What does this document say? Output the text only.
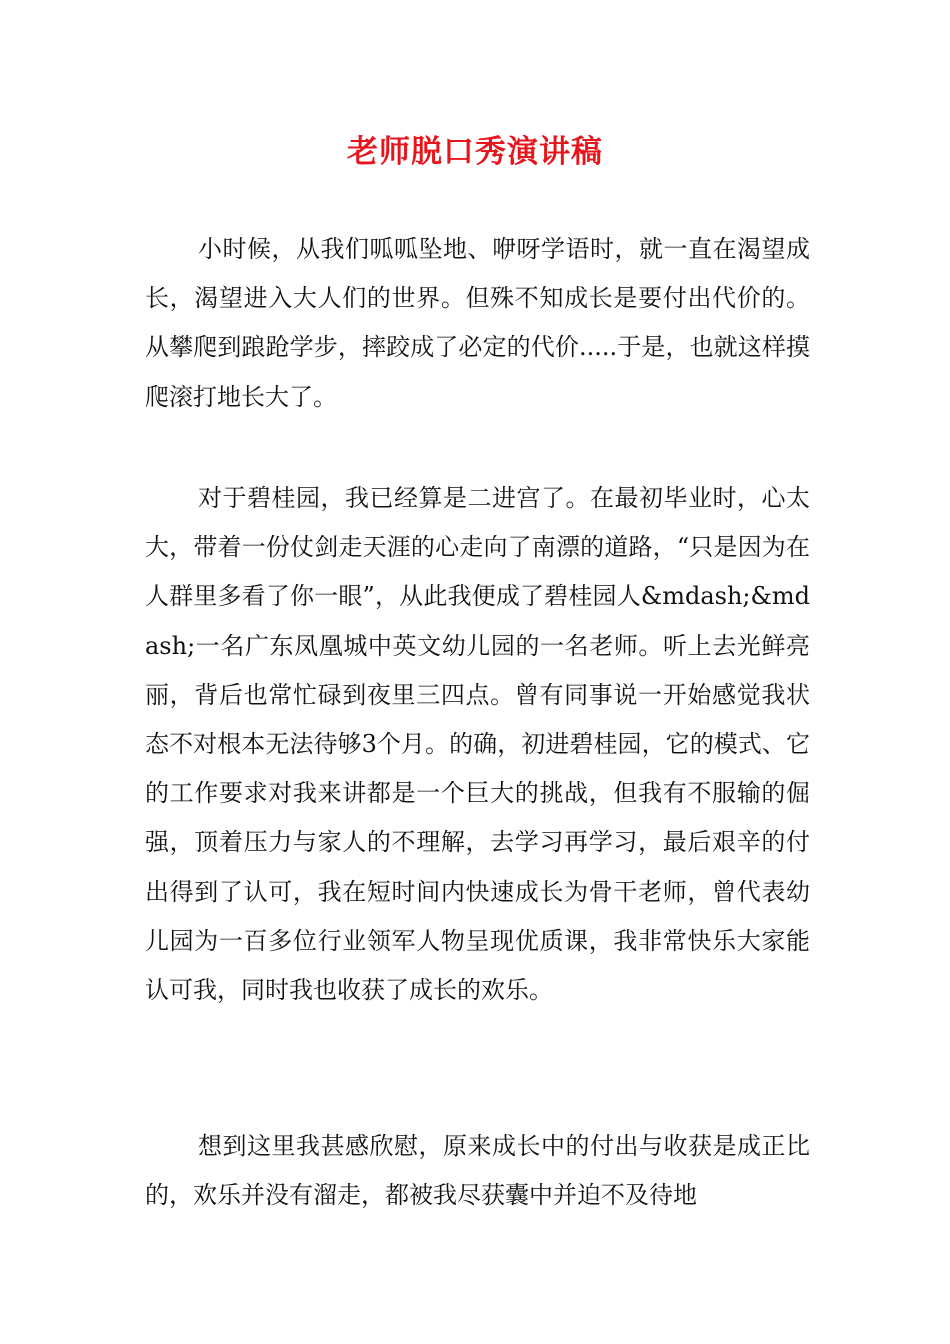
老师脱口秀演讲稿

小时候，从我们呱呱坠地、咿呀学语时，就一直在渴望成长，渴望进入大人们的世界。但殊不知成长是要付出代价的。从攀爬到踉跄学步，摔跤成了必定的代价.....于是，也就这样摸爬滚打地长大了。

对于碧桂园，我已经算是二进宫了。在最初毕业时，心太大，带着一份仗剑走天涯的心走向了南漂的道路，“只是因为在人群里多看了你一眼”，从此我便成了碧桂园人&mdash;&mdash;一名广东凤凰城中英文幼儿园的一名老师。听上去光鲜亮丽，背后也常忙碌到夜里三四点。曾有同事说一开始感觉我状态不对根本无法待够3个月。的确，初进碧桂园，它的模式、它的工作要求对我来讲都是一个巨大的挑战，但我有不服输的倔强，顶着压力与家人的不理解，去学习再学习，最后艰辛的付出得到了认可，我在短时间内快速成长为骨干老师，曾代表幼儿园为一百多位行业领军人物呈现优质课，我非常快乐大家能认可我，同时我也收获了成长的欢乐。

想到这里我甚感欣慰，原来成长中的付出与收获是成正比的，欢乐并没有溜走，都被我尽获囊中并迫不及待地
